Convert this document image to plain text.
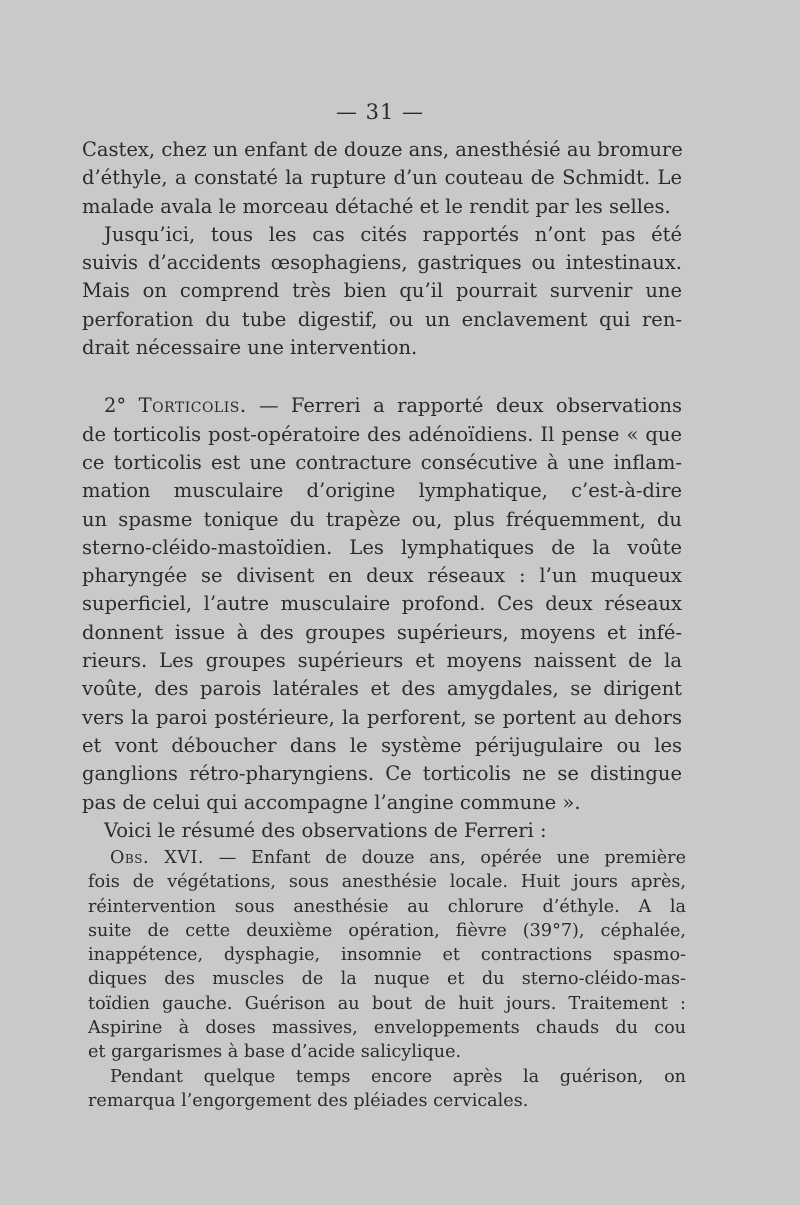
— 31 —
Castex, chez un enfant de douze ans, anesthésié au bromure
d’éthyle, a constaté la rupture d’un couteau de Schmidt. Le
malade avala le morceau détaché et le rendit par les selles.
Jusqu’ici, tous les cas cités rapportés n’ont pas été
suivis d’accidents œsophagiens, gastriques ou intestinaux.
Mais on comprend très bien qu’il pourrait survenir une
perforation du tube digestif, ou un enclavement qui ren-
drait nécessaire une intervention.
2° Torticolis. — Ferreri a rapporté deux observations
de torticolis post-opératoire des adénoïdiens. Il pense « que
ce torticolis est une contracture consécutive à une inflam-
mation musculaire d’origine lymphatique, c’est-à-dire
un spasme tonique du trapèze ou, plus fréquemment, du
sterno-cléido-mastoïdien. Les lymphatiques de la voûte
pharyngée se divisent en deux réseaux : l’un muqueux
superficiel, l’autre musculaire profond. Ces deux réseaux
donnent issue à des groupes supérieurs, moyens et infé-
rieurs. Les groupes supérieurs et moyens naissent de la
voûte, des parois latérales et des amygdales, se dirigent
vers la paroi postérieure, la perforent, se portent au dehors
et vont déboucher dans le système périjugulaire ou les
ganglions rétro-pharyngiens. Ce torticolis ne se distingue
pas de celui qui accompagne l’angine commune ».
Voici le résumé des observations de Ferreri :
Obs. XVI. — Enfant de douze ans, opérée une première
fois de végétations, sous anesthésie locale. Huit jours après,
réintervention sous anesthésie au chlorure d’éthyle. A la
suite de cette deuxième opération, fièvre (39°7), céphalée,
inappétence, dysphagie, insomnie et contractions spasmo-
diques des muscles de la nuque et du sterno-cléido-mas-
toïdien gauche. Guérison au bout de huit jours. Traitement :
Aspirine à doses massives, enveloppements chauds du cou
et gargarismes à base d’acide salicylique.
Pendant quelque temps encore après la guérison, on
remarqua l’engorgement des pléiades cervicales.
